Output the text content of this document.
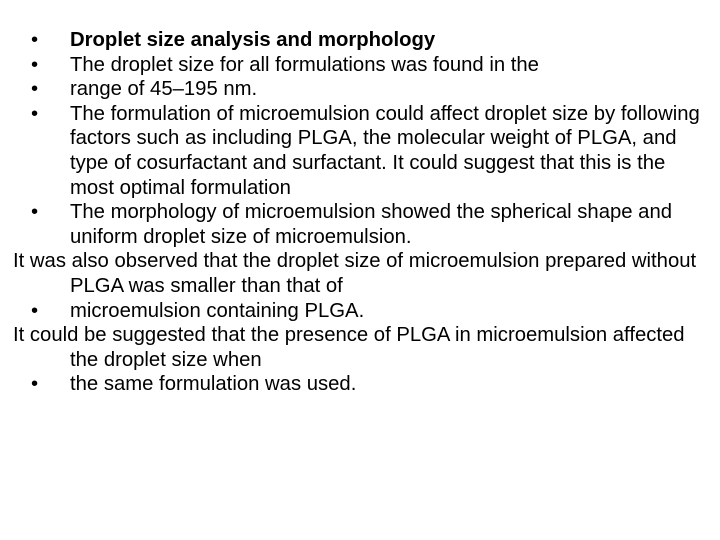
• Droplet size analysis and morphology
• The droplet size for all formulations was found in the
• range of 45–195 nm.
• The formulation of microemulsion could affect droplet size by following factors such as including PLGA, the molecular weight of PLGA, and type of cosurfactant and surfactant. It could suggest that this is the most optimal formulation
• The morphology of microemulsion showed the spherical shape and uniform droplet size of microemulsion.
It was also observed that the droplet size of microemulsion prepared without PLGA was smaller than that of
• microemulsion containing PLGA.
It could be suggested that the presence of PLGA in microemulsion affected the droplet size when
• the same formulation was used.
